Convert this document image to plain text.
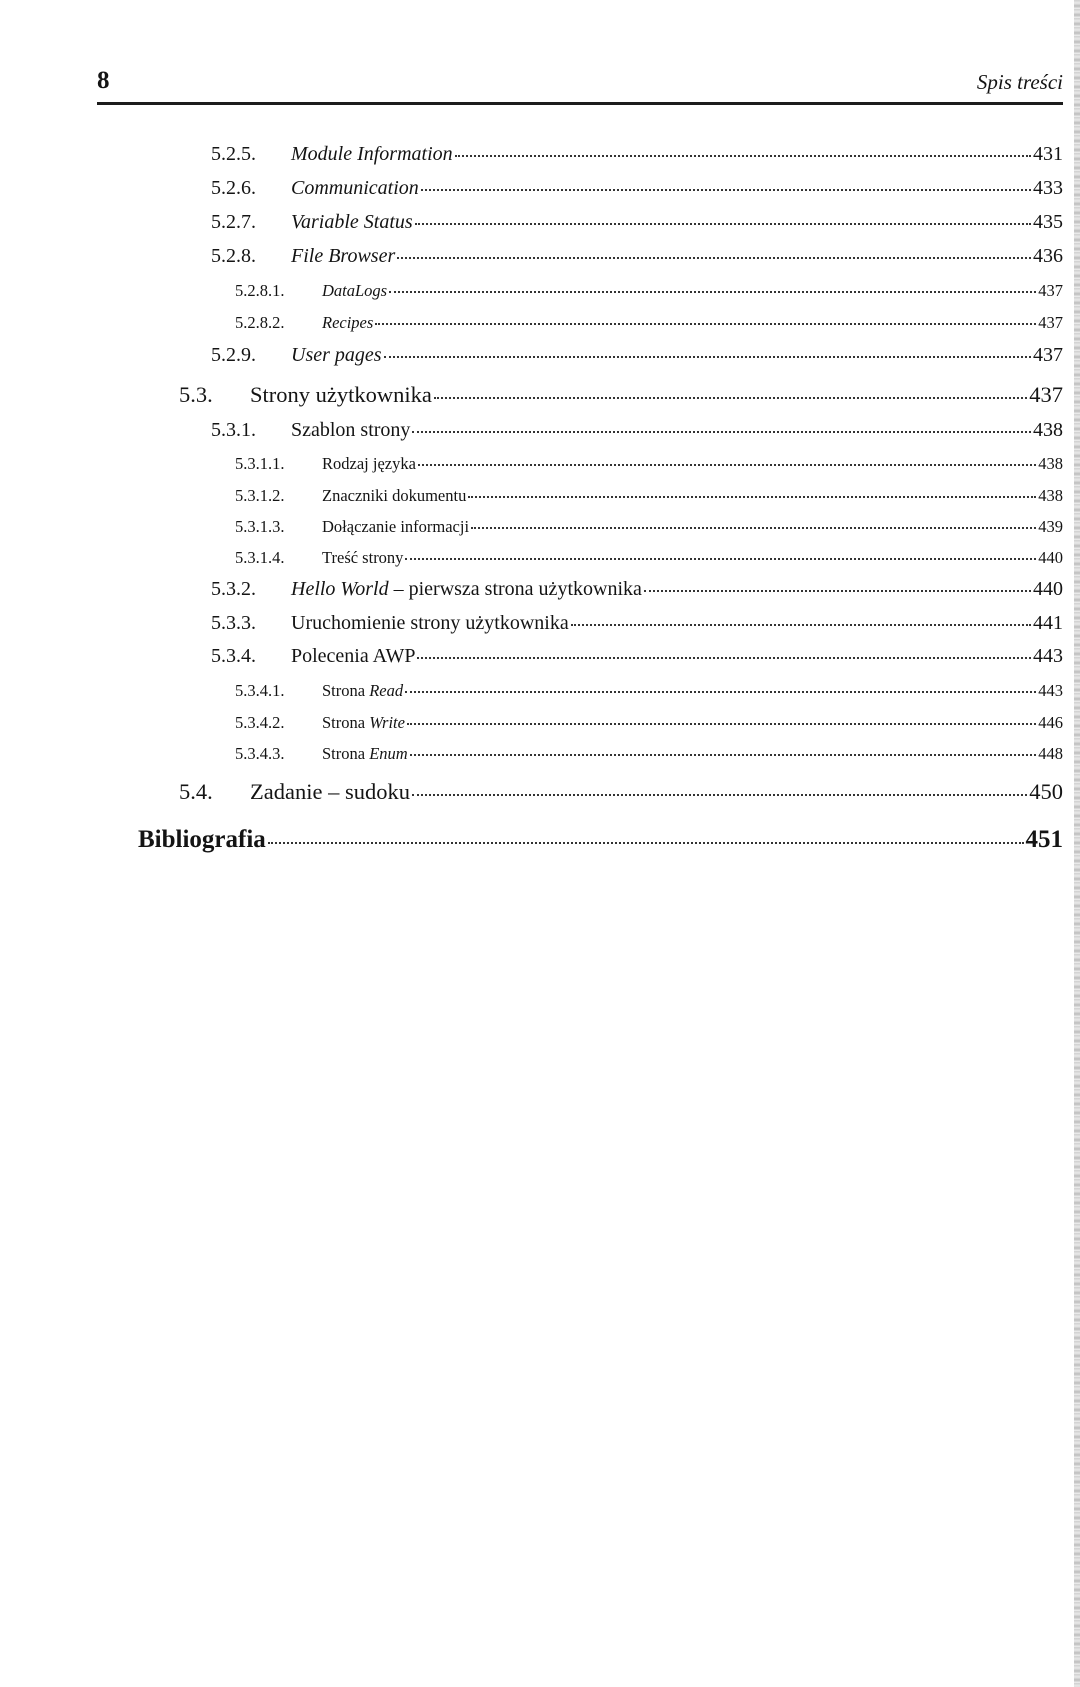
8	Spis treści
5.2.5.	Module Information	431
5.2.6.	Communication	433
5.2.7.	Variable Status	435
5.2.8.	File Browser	436
5.2.8.1.	DataLogs	437
5.2.8.2.	Recipes	437
5.2.9.	User pages	437
5.3.	Strony użytkownika	437
5.3.1.	Szablon strony	438
5.3.1.1.	Rodzaj języka	438
5.3.1.2.	Znaczniki dokumentu	438
5.3.1.3.	Dołączanie informacji	439
5.3.1.4.	Treść strony	440
5.3.2.	Hello World – pierwsza strona użytkownika	440
5.3.3.	Uruchomienie strony użytkownika	441
5.3.4.	Polecenia AWP	443
5.3.4.1.	Strona Read	443
5.3.4.2.	Strona Write	446
5.3.4.3.	Strona Enum	448
5.4.	Zadanie – sudoku	450
Bibliografia	451
